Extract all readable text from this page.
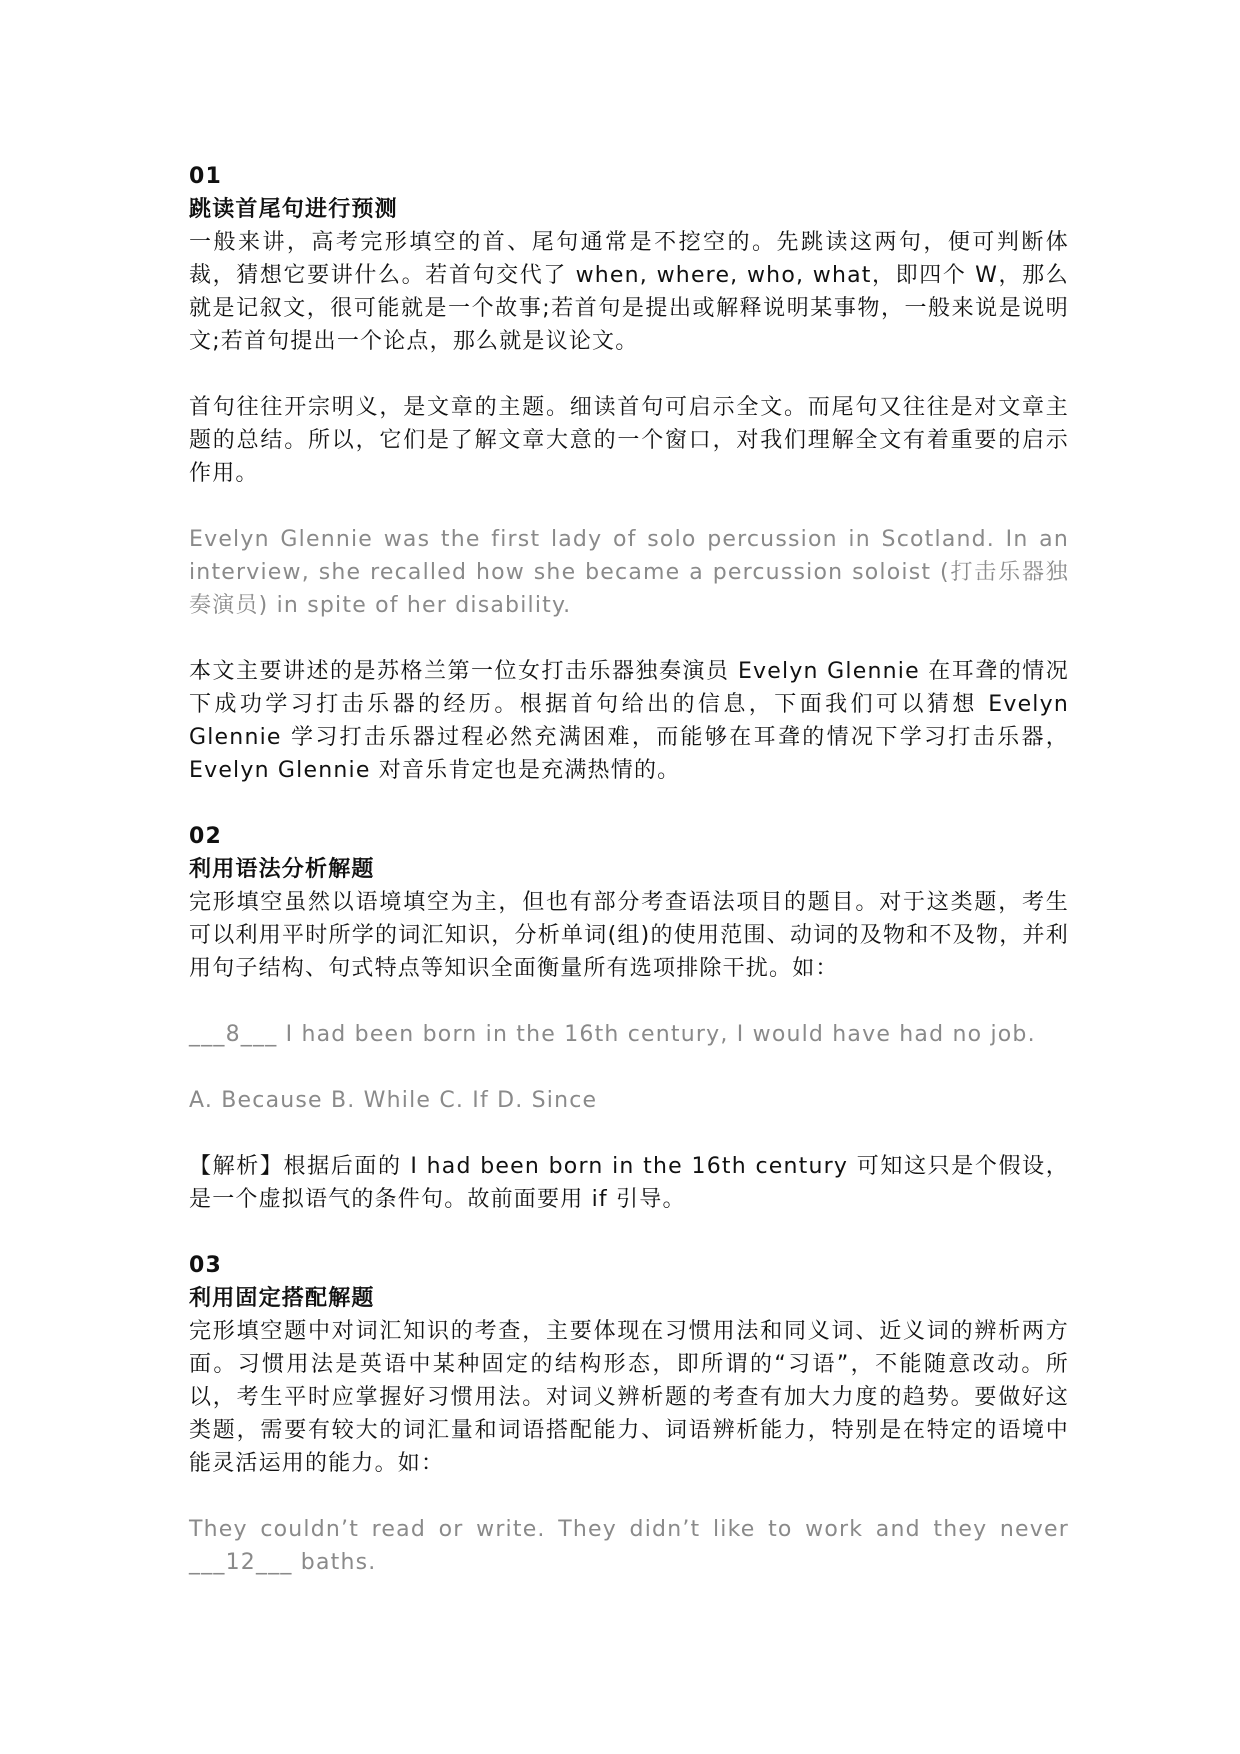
01

跳读首尾句进行预测

一般来讲，高考完形填空的首、尾句通常是不挖空的。先跳读这两句，便可判断体裁，猜想它要讲什么。若首句交代了 when, where, who, what，即四个 W，那么就是记叙文，很可能就是一个故事;若首句是提出或解释说明某事物，一般来说是说明文;若首句提出一个论点，那么就是议论文。

首句往往开宗明义，是文章的主题。细读首句可启示全文。而尾句又往往是对文章主题的总结。所以，它们是了解文章大意的一个窗口，对我们理解全文有着重要的启示作用。

Evelyn Glennie was the first lady of solo percussion in Scotland. In an interview, she recalled how she became a percussion soloist (打击乐器独奏演员) in spite of her disability.

本文主要讲述的是苏格兰第一位女打击乐器独奏演员 Evelyn Glennie 在耳聋的情况下成功学习打击乐器的经历。根据首句给出的信息，下面我们可以猜想 Evelyn Glennie 学习打击乐器过程必然充满困难，而能够在耳聋的情况下学习打击乐器，Evelyn Glennie 对音乐肯定也是充满热情的。

02

利用语法分析解题

完形填空虽然以语境填空为主，但也有部分考查语法项目的题目。对于这类题，考生可以利用平时所学的词汇知识，分析单词(组)的使用范围、动词的及物和不及物，并利用句子结构、句式特点等知识全面衡量所有选项排除干扰。如：

___8___ I had been born in the 16th century, I would have had no job.

A. Because B. While C. If D. Since

【解析】根据后面的 I had been born in the 16th century 可知这只是个假设，是一个虚拟语气的条件句。故前面要用 if 引导。

03

利用固定搭配解题

完形填空题中对词汇知识的考查，主要体现在习惯用法和同义词、近义词的辨析两方面。习惯用法是英语中某种固定的结构形态，即所谓的“习语”，不能随意改动。所以，考生平时应掌握好习惯用法。对词义辨析题的考查有加大力度的趋势。要做好这类题，需要有较大的词汇量和词语搭配能力、词语辨析能力，特别是在特定的语境中能灵活运用的能力。如：

They couldn’t read or write. They didn’t like to work and they never ___12___ baths.
